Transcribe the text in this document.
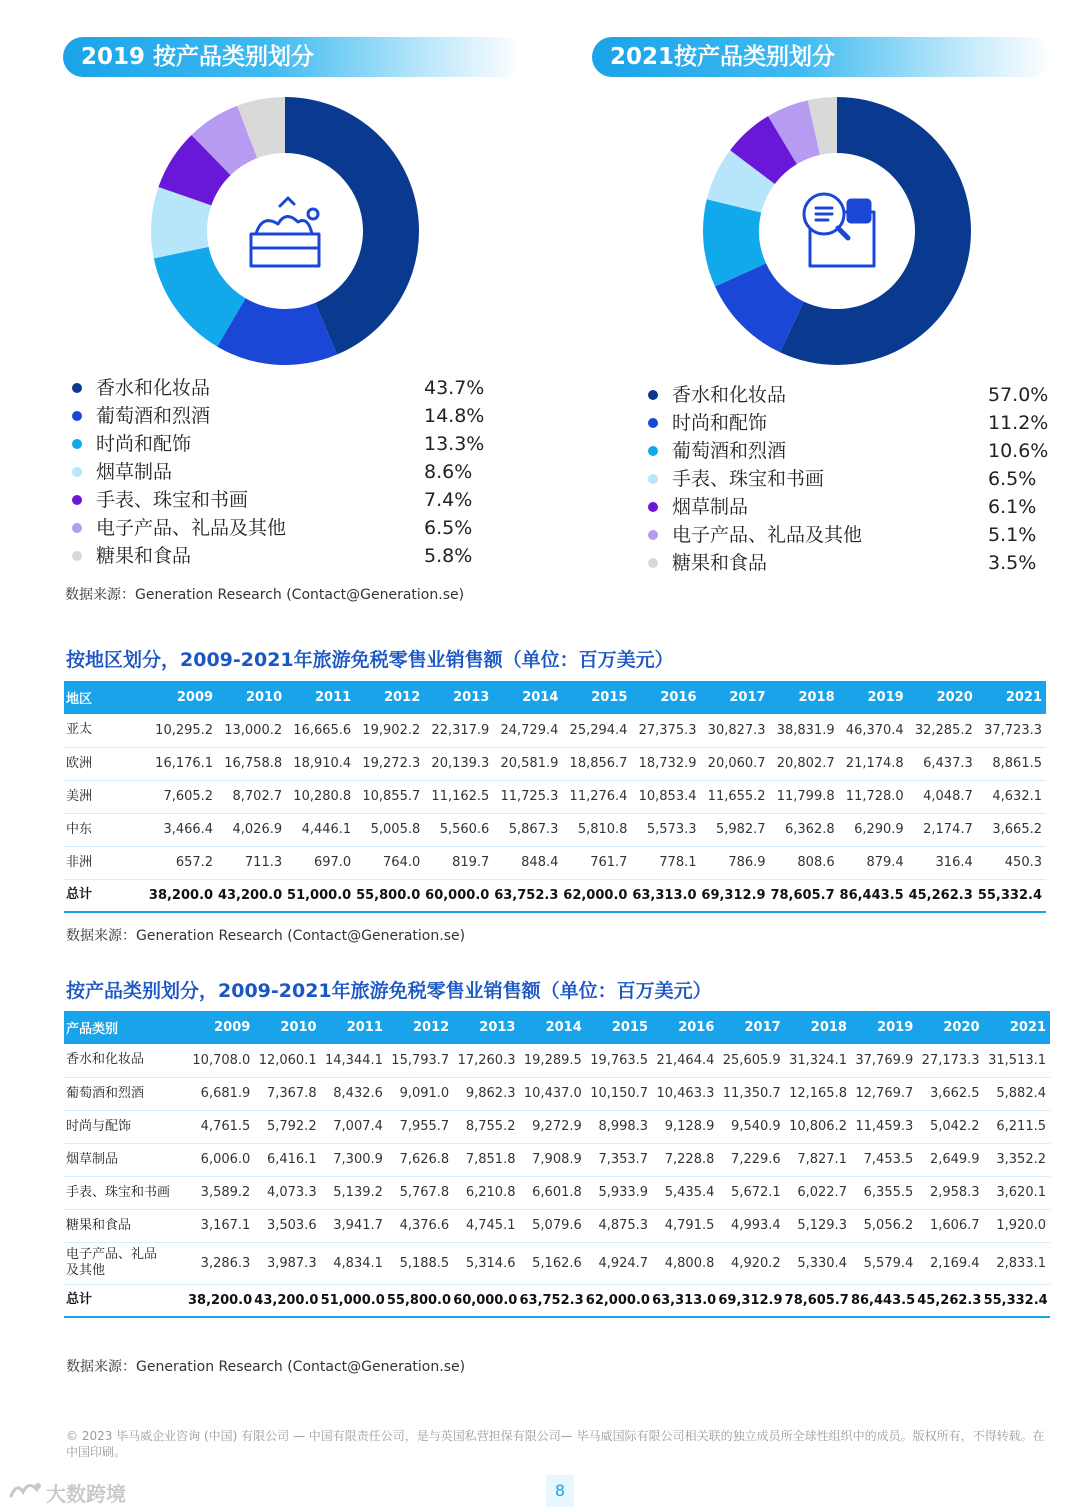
2019 按产品类别划分	2021按产品类别划分
香水和化妆品	43.7%
葡萄酒和烈酒	14.8%
时尚和配饰	13.3%
烟草制品	8.6%
手表、珠宝和书画	7.4%
电子产品、礼品及其他	6.5%
糖果和食品	5.8%
香水和化妆品	57.0%
时尚和配饰	11.2%
葡萄酒和烈酒	10.6%
手表、珠宝和书画	6.5%
烟草制品	6.1%
电子产品、礼品及其他	5.1%
糖果和食品	3.5%
数据来源：Generation Research (Contact@Generation.se)
按地区划分，2009-2021年旅游免税零售业销售额（单位：百万美元）
地区	2009	2010	2011	2012	2013	2014	2015	2016	2017	2018	2019	2020	2021
亚太	10,295.2	13,000.2	16,665.6	19,902.2	22,317.9	24,729.4	25,294.4	27,375.3	30,827.3	38,831.9	46,370.4	32,285.2	37,723.3
欧洲	16,176.1	16,758.8	18,910.4	19,272.3	20,139.3	20,581.9	18,856.7	18,732.9	20,060.7	20,802.7	21,174.8	6,437.3	8,861.5
美洲	7,605.2	8,702.7	10,280.8	10,855.7	11,162.5	11,725.3	11,276.4	10,853.4	11,655.2	11,799.8	11,728.0	4,048.7	4,632.1
中东	3,466.4	4,026.9	4,446.1	5,005.8	5,560.6	5,867.3	5,810.8	5,573.3	5,982.7	6,362.8	6,290.9	2,174.7	3,665.2
非洲	657.2	711.3	697.0	764.0	819.7	848.4	761.7	778.1	786.9	808.6	879.4	316.4	450.3
总计	38,200.0	43,200.0	51,000.0	55,800.0	60,000.0	63,752.3	62,000.0	63,313.0	69,312.9	78,605.7	86,443.5	45,262.3	55,332.4
数据来源：Generation Research (Contact@Generation.se)
按产品类别划分，2009-2021年旅游免税零售业销售额（单位：百万美元）
产品类别	2009	2010	2011	2012	2013	2014	2015	2016	2017	2018	2019	2020	2021
香水和化妆品	10,708.0	12,060.1	14,344.1	15,793.7	17,260.3	19,289.5	19,763.5	21,464.4	25,605.9	31,324.1	37,769.9	27,173.3	31,513.1
葡萄酒和烈酒	6,681.9	7,367.8	8,432.6	9,091.0	9,862.3	10,437.0	10,150.7	10,463.3	11,350.7	12,165.8	12,769.7	3,662.5	5,882.4
时尚与配饰	4,761.5	5,792.2	7,007.4	7,955.7	8,755.2	9,272.9	8,998.3	9,128.9	9,540.9	10,806.2	11,459.3	5,042.2	6,211.5
烟草制品	6,006.0	6,416.1	7,300.9	7,626.8	7,851.8	7,908.9	7,353.7	7,228.8	7,229.6	7,827.1	7,453.5	2,649.9	3,352.2
手表、珠宝和书画	3,589.2	4,073.3	5,139.2	5,767.8	6,210.8	6,601.8	5,933.9	5,435.4	5,672.1	6,022.7	6,355.5	2,958.3	3,620.1
糖果和食品	3,167.1	3,503.6	3,941.7	4,376.6	4,745.1	5,079.6	4,875.3	4,791.5	4,993.4	5,129.3	5,056.2	1,606.7	1,920.0
电子产品、礼品
及其他	3,286.3	3,987.3	4,834.1	5,188.5	5,314.6	5,162.6	4,924.7	4,800.8	4,920.2	5,330.4	5,579.4	2,169.4	2,833.1
总计	38,200.0	43,200.0	51,000.0	55,800.0	60,000.0	63,752.3	62,000.0	63,313.0	69,312.9	78,605.7	86,443.5	45,262.3	55,332.4
数据来源：Generation Research (Contact@Generation.se)
© 2023 毕马威企业咨询 (中国) 有限公司 — 中国有限责任公司，是与英国私营担保有限公司— 毕马威国际有限公司相关联的独立成员所全球性组织中的成员。版权所有，不得转载。在中国印刷。
大数跨境	8
